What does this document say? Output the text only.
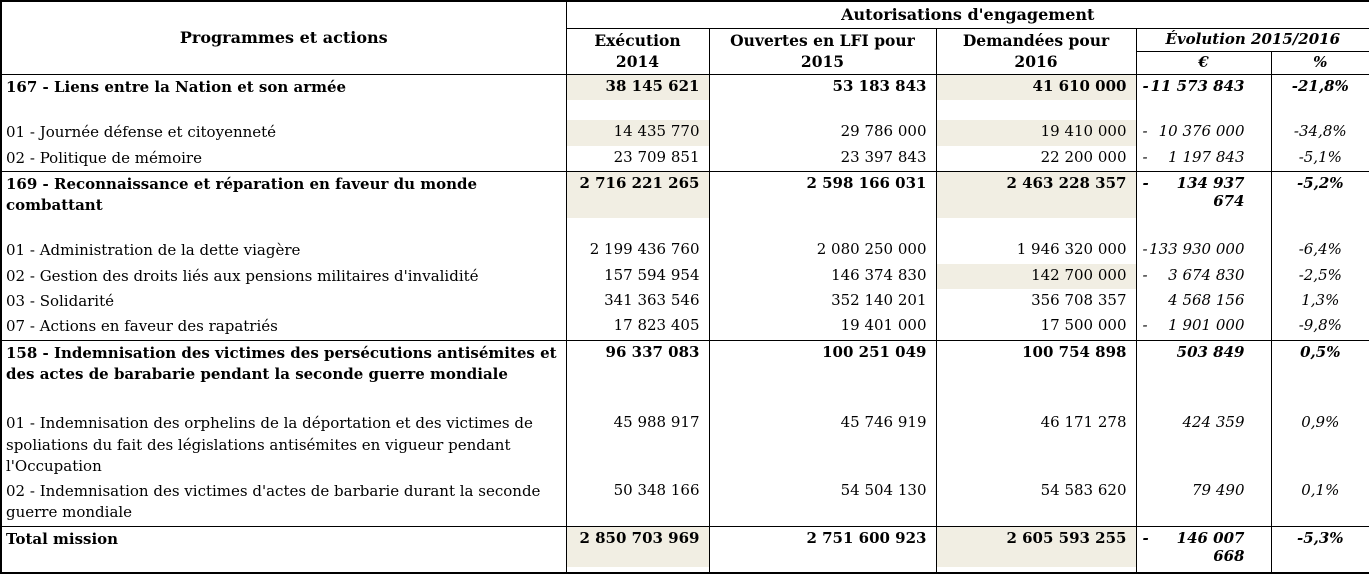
Programmes et actions	Autorisations d'engagement				
	Exécution 2014	Ouvertes en LFI pour 2015	Demandées pour 2016	Évolution 2015/2016	
				€	%
167 - Liens entre la Nation et son armée	38 145 621	53 183 843	41 610 000	- 11 573 843	-21,8%

01 - Journée défense et citoyenneté	14 435 770	29 786 000	19 410 000	- 10 376 000	-34,8%
02 - Politique de mémoire	23 709 851	23 397 843	22 200 000	- 1 197 843	-5,1%
169 - Reconnaissance et réparation en faveur du monde combattant	2 716 221 265	2 598 166 031	2 463 228 357	- 134 937 674	-5,2%

01 - Administration de la dette viagère	2 199 436 760	2 080 250 000	1 946 320 000	- 133 930 000	-6,4%
02 - Gestion des droits liés aux pensions militaires d'invalidité	157 594 954	146 374 830	142 700 000	- 3 674 830	-2,5%
03 - Solidarité	341 363 546	352 140 201	356 708 357	4 568 156	1,3%
07 - Actions en faveur des rapatriés	17 823 405	19 401 000	17 500 000	- 1 901 000	-9,8%
158 - Indemnisation des victimes des persécutions antisémites et des actes de barabarie pendant la seconde guerre mondiale	96 337 083	100 251 049	100 754 898	503 849	0,5%

01 - Indemnisation des orphelins de la déportation et des victimes de spoliations du fait des législations antisémites en vigueur pendant l'Occupation	45 988 917	45 746 919	46 171 278	424 359	0,9%
02 - Indemnisation des victimes d'actes de barbarie durant la seconde guerre mondiale	50 348 166	54 504 130	54 583 620	79 490	0,1%
Total mission	2 850 703 969	2 751 600 923	2 605 593 255	- 146 007 668	-5,3%
